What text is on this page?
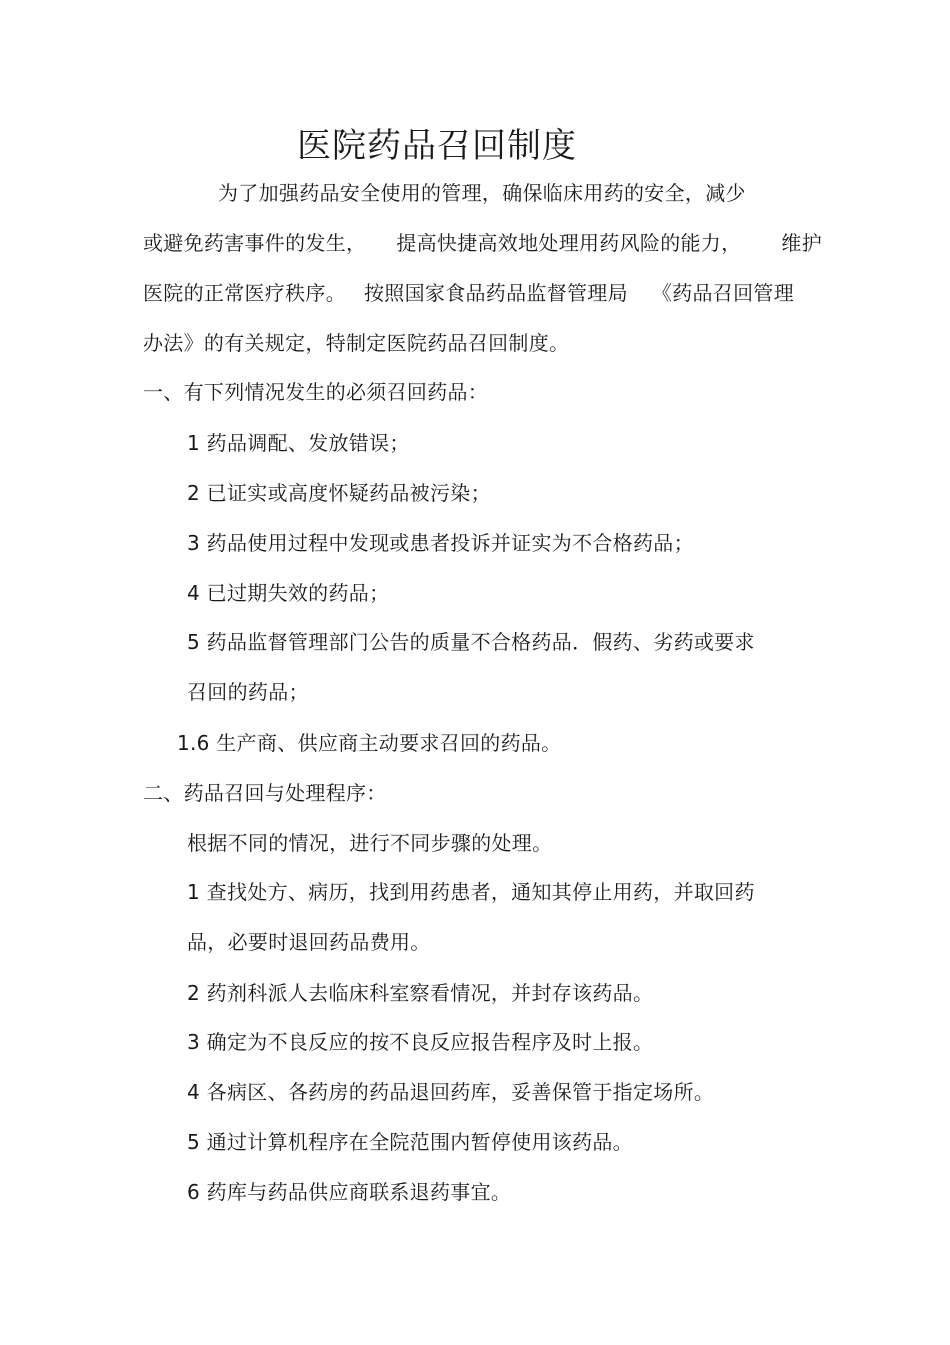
医院药品召回制度
为了加强药品安全使用的管理，确保临床用药的安全，减少
或避免药害事件的发生， 提高快捷高效地处理用药风险的能力， 维护
医院的正常医疗秩序。 按照国家食品药品监督管理局 《药品召回管理
办法》的有关规定，特制定医院药品召回制度。
一、有下列情况发生的必须召回药品：
1 药品调配、发放错误；
2 已证实或高度怀疑药品被污染；
3 药品使用过程中发现或患者投诉并证实为不合格药品；
4 已过期失效的药品；
5 药品监督管理部门公告的质量不合格药品．假药、劣药或要求
召回的药品；
1.6 生产商、供应商主动要求召回的药品。
二、药品召回与处理程序：
根据不同的情况，进行不同步骤的处理。
1 查找处方、病历，找到用药患者，通知其停止用药，并取回药
品，必要时退回药品费用。
2 药剂科派人去临床科室察看情况，并封存该药品。
3 确定为不良反应的按不良反应报告程序及时上报。
4 各病区、各药房的药品退回药库，妥善保管于指定场所。
5 通过计算机程序在全院范围内暂停使用该药品。
6 药库与药品供应商联系退药事宜。
